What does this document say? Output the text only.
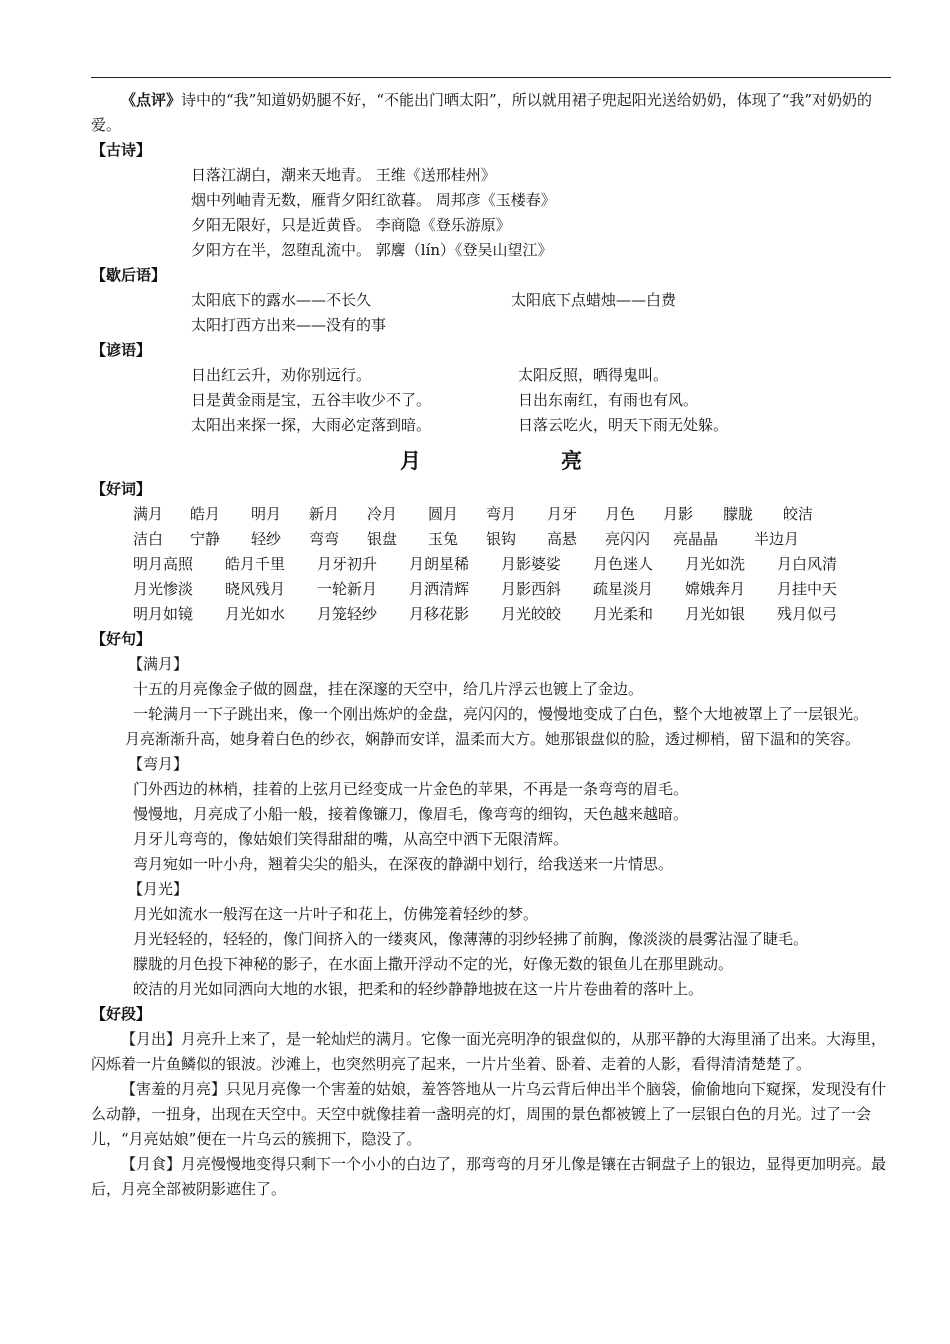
《点评》诗中的“我”知道奶奶腿不好，“不能出门晒太阳”，所以就用裙子兜起阳光送给奶奶，体现了“我”对奶奶的爱。

【古诗】
日落江湖白，潮来天地青。 王维《送邢桂州》
烟中列岫青无数，雁背夕阳红欲暮。 周邦彦《玉楼春》
夕阳无限好，只是近黄昏。 李商隐《登乐游原》
夕阳方在半，忽堕乱流中。 郭麐（lín）《登吴山望江》
【歇后语】
太阳底下的露水——不长久	太阳底下点蜡烛——白费
太阳打西方出来——没有的事
【谚语】
日出红云升，劝你别远行。	太阳反照，晒得鬼叫。
日是黄金雨是宝，五谷丰收少不了。	日出东南红，有雨也有风。
太阳出来探一探，大雨必定落到暗。	日落云吃火，明天下雨无处躲。
月	亮
【好词】
满月	皓月	明月	新月	冷月	圆月	弯月	月牙	月色	月影	朦胧	皎洁
洁白	宁静	轻纱	弯弯	银盘	玉兔	银钩	高悬	亮闪闪	亮晶晶	半边月
明月高照	皓月千里	月牙初升	月朗星稀	月影婆娑	月色迷人	月光如洗	月白风清
月光惨淡	晓风残月	一轮新月	月洒清辉	月影西斜	疏星淡月	嫦娥奔月	月挂中天
明月如镜	月光如水	月笼轻纱	月移花影	月光皎皎	月光柔和	月光如银	残月似弓
【好句】
【满月】
十五的月亮像金子做的圆盘，挂在深邃的天空中，给几片浮云也镀上了金边。
一轮满月一下子跳出来，像一个刚出炼炉的金盘，亮闪闪的，慢慢地变成了白色，整个大地被罩上了一层银光。
月亮渐渐升高，她身着白色的纱衣，娴静而安详，温柔而大方。她那银盘似的脸，透过柳梢，留下温和的笑容。
【弯月】
门外西边的林梢，挂着的上弦月已经变成一片金色的苹果，不再是一条弯弯的眉毛。
慢慢地，月亮成了小船一般，接着像镰刀，像眉毛，像弯弯的细钩，天色越来越暗。
月牙儿弯弯的，像姑娘们笑得甜甜的嘴，从高空中洒下无限清辉。
弯月宛如一叶小舟，翘着尖尖的船头，在深夜的静湖中划行，给我送来一片情思。
【月光】
月光如流水一般泻在这一片叶子和花上，仿佛笼着轻纱的梦。
月光轻轻的，轻轻的，像门间挤入的一缕爽风，像薄薄的羽纱轻拂了前胸，像淡淡的晨雾沾湿了睫毛。
朦胧的月色投下神秘的影子，在水面上撒开浮动不定的光，好像无数的银鱼儿在那里跳动。
皎洁的月光如同洒向大地的水银，把柔和的轻纱静静地披在这一片片卷曲着的落叶上。
【好段】

【月出】月亮升上来了，是一轮灿烂的满月。它像一面光亮明净的银盘似的，从那平静的大海里涌了出来。大海里，闪烁着一片鱼鳞似的银波。沙滩上，也突然明亮了起来，一片片坐着、卧着、走着的人影，看得清清楚楚了。

【害羞的月亮】只见月亮像一个害羞的姑娘，羞答答地从一片乌云背后伸出半个脑袋，偷偷地向下窥探，发现没有什么动静，一扭身，出现在天空中。天空中就像挂着一盏明亮的灯，周围的景色都被镀上了一层银白色的月光。过了一会儿，“月亮姑娘”便在一片乌云的簇拥下，隐没了。

【月食】月亮慢慢地变得只剩下一个小小的白边了，那弯弯的月牙儿像是镶在古铜盘子上的银边，显得更加明亮。最后，月亮全部被阴影遮住了。
